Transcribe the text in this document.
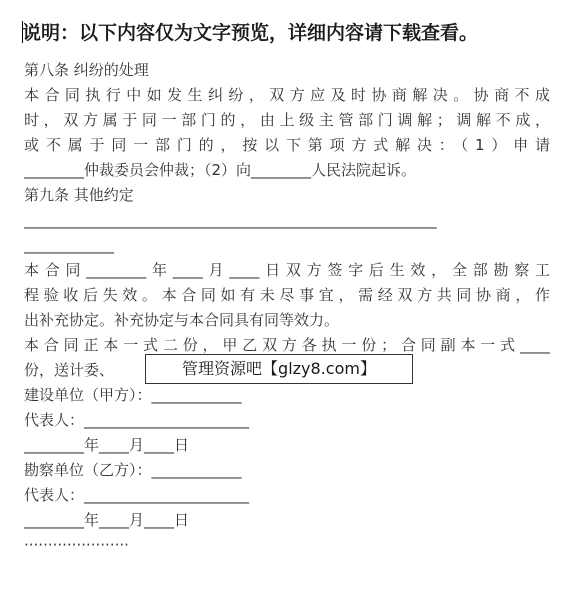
说明：以下内容仅为文字预览，详细内容请下载查看。
第八条 纠纷的处理
本合同执行中如发生纠纷，双方应及时协商解决。协商不成
时，双方属于同一部门的，由上级主管部门调解；调解不成，
或不属于同一部门的，按以下第项方式解决：（1）申请
________仲裁委员会仲裁；（2）向________人民法院起诉。
第九条 其他约定
_______________________________________________________
____________
本合同________年____月____日双方签字后生效，全部勘察工
程验收后失效。本合同如有未尽事宜，需经双方共同协商，作
出补充协定。补充协定与本合同具有同等效力。
本合同正本一式二份，甲乙双方各执一份；合同副本一式____
份，送计委、
建设单位（甲方）：____________
代表人：______________________
________年____月____日
勘察单位（乙方）：____________
代表人：______________________
________年____月____日
······················
管理资源吧【glzy8.com】
